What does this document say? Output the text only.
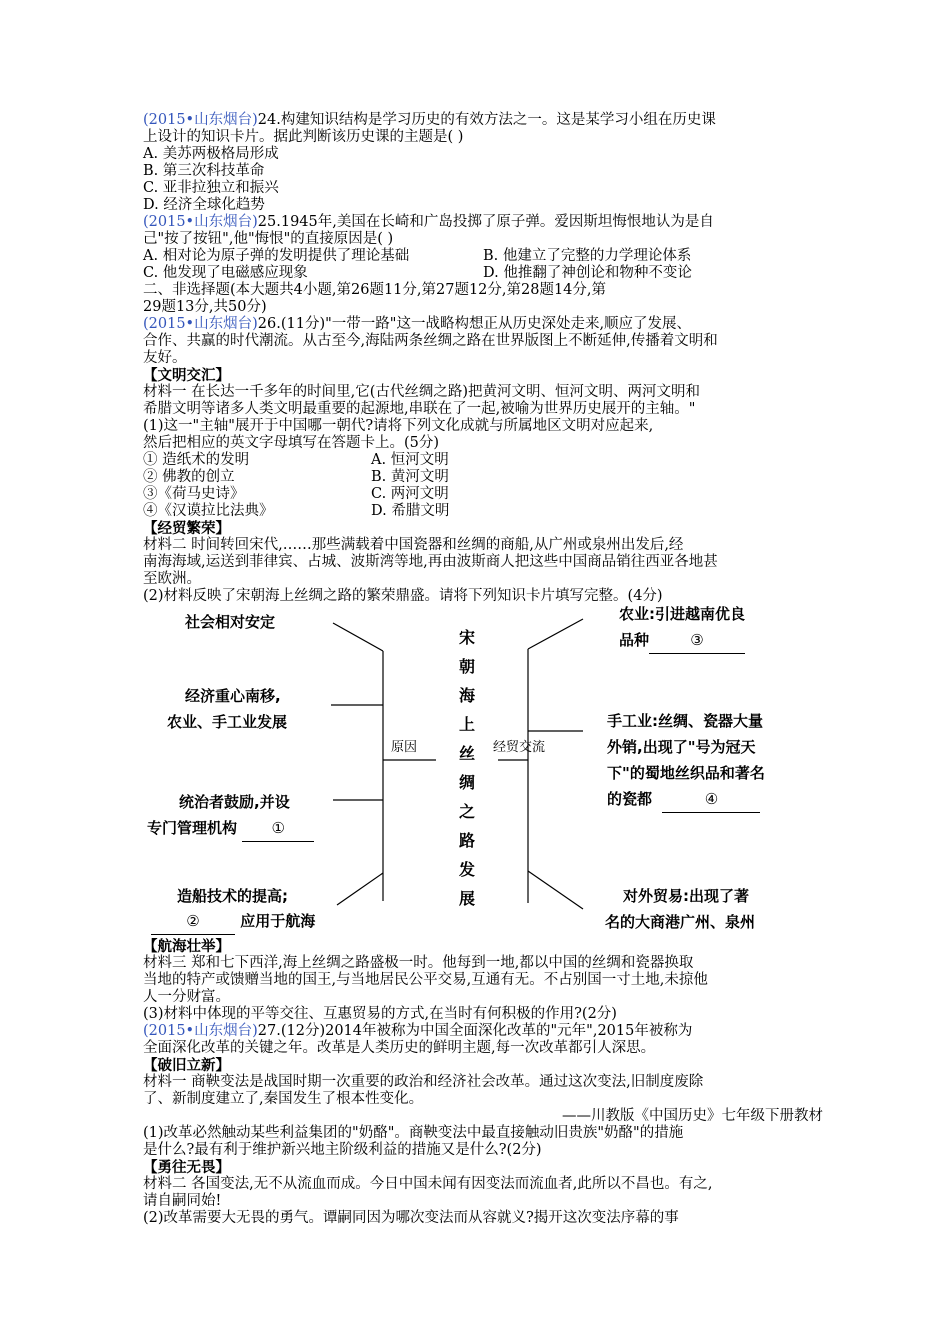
(2015•山东烟台)24.构建知识结构是学习历史的有效方法之一。这是某学习小组在历史课
上设计的知识卡片。据此判断该历史课的主题是( )
A. 美苏两极格局形成
B. 第三次科技革命
C. 亚非拉独立和振兴
D. 经济全球化趋势
(2015•山东烟台)25.1945年,美国在长崎和广岛投掷了原子弹。爱因斯坦悔恨地认为是自
己"按了按钮",他"悔恨"的直接原因是( )
A. 相对论为原子弹的发明提供了理论基础	B. 他建立了完整的力学理论体系
C. 他发现了电磁感应现象	D. 他推翻了神创论和物种不变论
二、非选择题(本大题共4小题,第26题11分,第27题12分,第28题14分,第
29题13分,共50分)
(2015•山东烟台)26.(11分)"一带一路"这一战略构想正从历史深处走来,顺应了发展、
合作、共赢的时代潮流。从古至今,海陆两条丝绸之路在世界版图上不断延伸,传播着文明和
友好。
【文明交汇】
材料一 在长达一千多年的时间里,它(古代丝绸之路)把黄河文明、恒河文明、两河文明和
希腊文明等诸多人类文明最重要的起源地,串联在了一起,被喻为世界历史展开的主轴。"
(1)这一"主轴"展开于中国哪一朝代?请将下列文化成就与所属地区文明对应起来,
然后把相应的英文字母填写在答题卡上。(5分)
① 造纸术的发明	A. 恒河文明
② 佛教的创立	B. 黄河文明
③《荷马史诗》	C. 两河文明
④《汉谟拉比法典》	D. 希腊文明
【经贸繁荣】
材料二 时间转回宋代,……那些满载着中国瓷器和丝绸的商船,从广州或泉州出发后,经
南海海域,运送到菲律宾、占城、波斯湾等地,再由波斯商人把这些中国商品销往西亚各地甚
至欧洲。
(2)材料反映了宋朝海上丝绸之路的繁荣鼎盛。请将下列知识卡片填写完整。(4分)
宋
朝
海
上
丝
绸
之
路
发
展
原因	经贸交流
社会相对安定
经济重心南移,
农业、手工业发展
统治者鼓励,并设
专门管理机构 ①
造船技术的提高;
②	应用于航海
农业:引进越南优良
品种	③
手工业:丝绸、瓷器大量
外销,出现了"号为冠天
下"的蜀地丝织品和著名
的瓷都	④
对外贸易:出现了著
名的大商港广州、泉州
【航海壮举】
材料三 郑和七下西洋,海上丝绸之路盛极一时。他每到一地,都以中国的丝绸和瓷器换取
当地的特产或馈赠当地的国王,与当地居民公平交易,互通有无。不占别国一寸土地,未掠他
人一分财富。
(3)材料中体现的平等交往、互惠贸易的方式,在当时有何积极的作用?(2分)
(2015•山东烟台)27.(12分)2014年被称为中国全面深化改革的"元年",2015年被称为
全面深化改革的关键之年。改革是人类历史的鲜明主题,每一次改革都引人深思。
【破旧立新】
材料一 商鞅变法是战国时期一次重要的政治和经济社会改革。通过这次变法,旧制度废除
了、新制度建立了,秦国发生了根本性变化。
——川教版《中国历史》七年级下册教材
(1)改革必然触动某些利益集团的"奶酪"。商鞅变法中最直接触动旧贵族"奶酪"的措施
是什么?最有利于维护新兴地主阶级利益的措施又是什么?(2分)
【勇往无畏】
材料二 各国变法,无不从流血而成。今日中国未闻有因变法而流血者,此所以不昌也。有之,
请自嗣同始!
(2)改革需要大无畏的勇气。谭嗣同因为哪次变法而从容就义?揭开这次变法序幕的事
